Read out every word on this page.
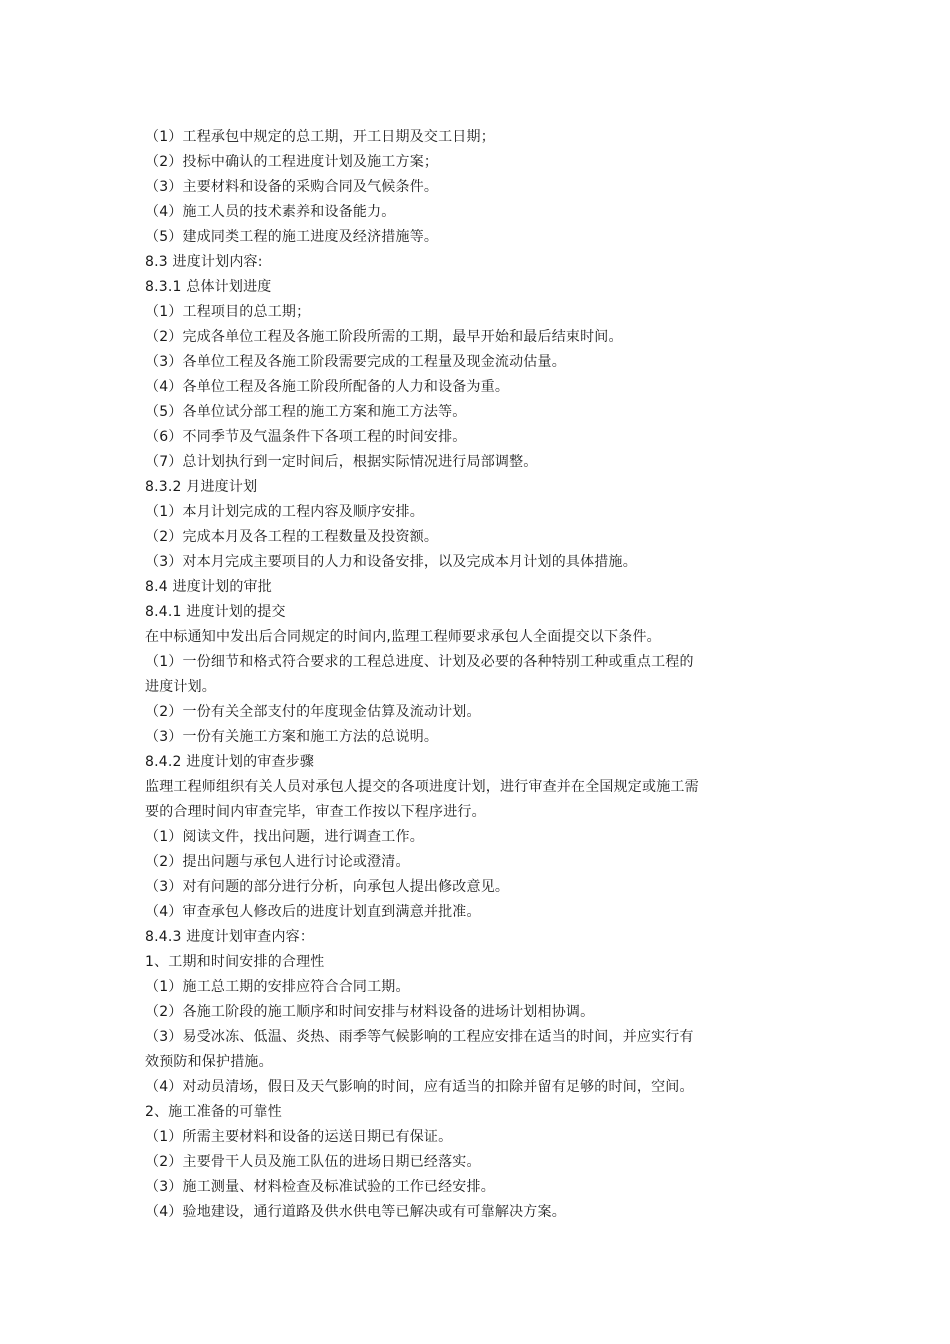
（1）工程承包中规定的总工期，开工日期及交工日期；
（2）投标中确认的工程进度计划及施工方案；
（3）主要材料和设备的采购合同及气候条件。
（4）施工人员的技术素养和设备能力。
（5）建成同类工程的施工进度及经济措施等。
8.3 进度计划内容:
8.3.1 总体计划进度
（1）工程项目的总工期；
（2）完成各单位工程及各施工阶段所需的工期，最早开始和最后结束时间。
（3）各单位工程及各施工阶段需要完成的工程量及现金流动估量。
（4）各单位工程及各施工阶段所配备的人力和设备为重。
（5）各单位试分部工程的施工方案和施工方法等。
（6）不同季节及气温条件下各项工程的时间安排。
（7）总计划执行到一定时间后，根据实际情况进行局部调整。
8.3.2 月进度计划
（1）本月计划完成的工程内容及顺序安排。
（2）完成本月及各工程的工程数量及投资额。
（3）对本月完成主要项目的人力和设备安排，以及完成本月计划的具体措施。
8.4 进度计划的审批
8.4.1 进度计划的提交
在中标通知中发出后合同规定的时间内,监理工程师要求承包人全面提交以下条件。
（1）一份细节和格式符合要求的工程总进度、计划及必要的各种特别工种或重点工程的
进度计划。
（2）一份有关全部支付的年度现金估算及流动计划。
（3）一份有关施工方案和施工方法的总说明。
8.4.2 进度计划的审查步骤
监理工程师组织有关人员对承包人提交的各项进度计划，进行审查并在全国规定或施工需
要的合理时间内审查完毕，审查工作按以下程序进行。
（1）阅读文件，找出问题，进行调查工作。
（2）提出问题与承包人进行讨论或澄清。
（3）对有问题的部分进行分析，向承包人提出修改意见。
（4）审查承包人修改后的进度计划直到满意并批准。
8.4.3 进度计划审查内容：
1、工期和时间安排的合理性
（1）施工总工期的安排应符合合同工期。
（2）各施工阶段的施工顺序和时间安排与材料设备的进场计划相协调。
（3）易受冰冻、低温、炎热、雨季等气候影响的工程应安排在适当的时间，并应实行有
效预防和保护措施。
（4）对动员清场，假日及天气影响的时间，应有适当的扣除并留有足够的时间，空间。
2、施工准备的可靠性
（1）所需主要材料和设备的运送日期已有保证。
（2）主要骨干人员及施工队伍的进场日期已经落实。
（3）施工测量、材料检查及标准试验的工作已经安排。
（4）验地建设，通行道路及供水供电等已解决或有可靠解决方案。
